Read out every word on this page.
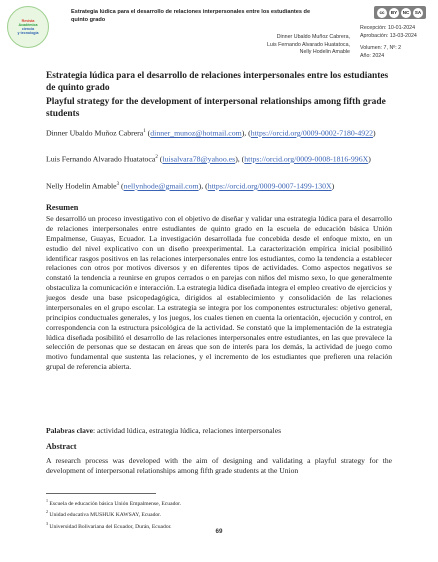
Revista
Académica
ciencia
y tecnología
Estrategia lúdica para el desarrollo de relaciones interpersonales entre los estudiantes de quinto grado
Dinner Ubaldo Muñoz Cabrera,
Luis Fernando Alvarado Huatatoca,
Nelly Hodelin Amable
cc	BY	NC	SA
Recepción: 10-01-2024
Aprobación: 13-03-2024
Volumen: 7, Nº: 2
Año: 2024
Estrategia lúdica para el desarrollo de relaciones interpersonales entre los estudiantes de quinto grado
Playful strategy for the development of interpersonal relationships among fifth grade students
Dinner Ubaldo Muñoz Cabrera$^1$ (dinner_munoz@hotmail.com), (https://orcid.org/0009-0002-7180-4922)
Luis Fernando Alvarado Huatatoca$^2$ (luisalvara78@yahoo.es), (https://orcid.org/0009-0008-1816-996X)
Nelly Hodelin Amable$^3$ (nellynhode@gmail.com), (https://orcid.org/0009-0007-1499-130X)
Resumen
Se desarrolló un proceso investigativo con el objetivo de diseñar y validar una estrategia lúdica para el desarrollo de relaciones interpersonales entre estudiantes de quinto grado en la escuela de educación básica Unión Empalmense, Guayas, Ecuador. La investigación desarrollada fue concebida desde el enfoque mixto, en un estudio del nivel explicativo con un diseño preexperimental. La caracterización empírica inicial posibilitó identificar rasgos positivos en las relaciones interpersonales entre los estudiantes, como la tendencia a establecer relaciones con otros por motivos diversos y en diferentes tipos de actividades. Como aspectos negativos se constató la tendencia a reunirse en grupos cerrados o en parejas con niños del mismo sexo, lo que generalmente obstaculiza la comunicación e interacción. La estrategia lúdica diseñada integra el empleo creativo de ejercicios y juegos desde una base psicopedagógica, dirigidos al establecimiento y consolidación de las relaciones interpersonales en el grupo escolar. La estrategia se integra por los componentes estructurales: objetivo general, principios conductuales generales, y los juegos, los cuales tienen en cuenta la orientación, ejecución y control, en correspondencia con la estructura psicológica de la actividad. Se constató que la implementación de la estrategia lúdica diseñada posibilitó el desarrollo de las relaciones interpersonales entre estudiantes, en las que prevalece la selección de personas que se destacan en áreas que son de interés para los demás, la actividad de juego como motivo fundamental que sustenta las relaciones, y el incremento de los estudiantes que prefieren una relación grupal de referencia abierta.
Palabras clave: actividad lúdica, estrategia lúdica, relaciones interpersonales
Abstract
A research process was developed with the aim of designing and validating a playful strategy for the development of interpersonal relationships among fifth grade students at the Union
$^1$ Escuela de educación básica Unión Empalmense, Ecuador.
$^2$ Unidad educativa MUSHUK KAWSAY, Ecuador.
$^3$ Universidad Bolivariana del Ecuador, Durán, Ecuador.
69
